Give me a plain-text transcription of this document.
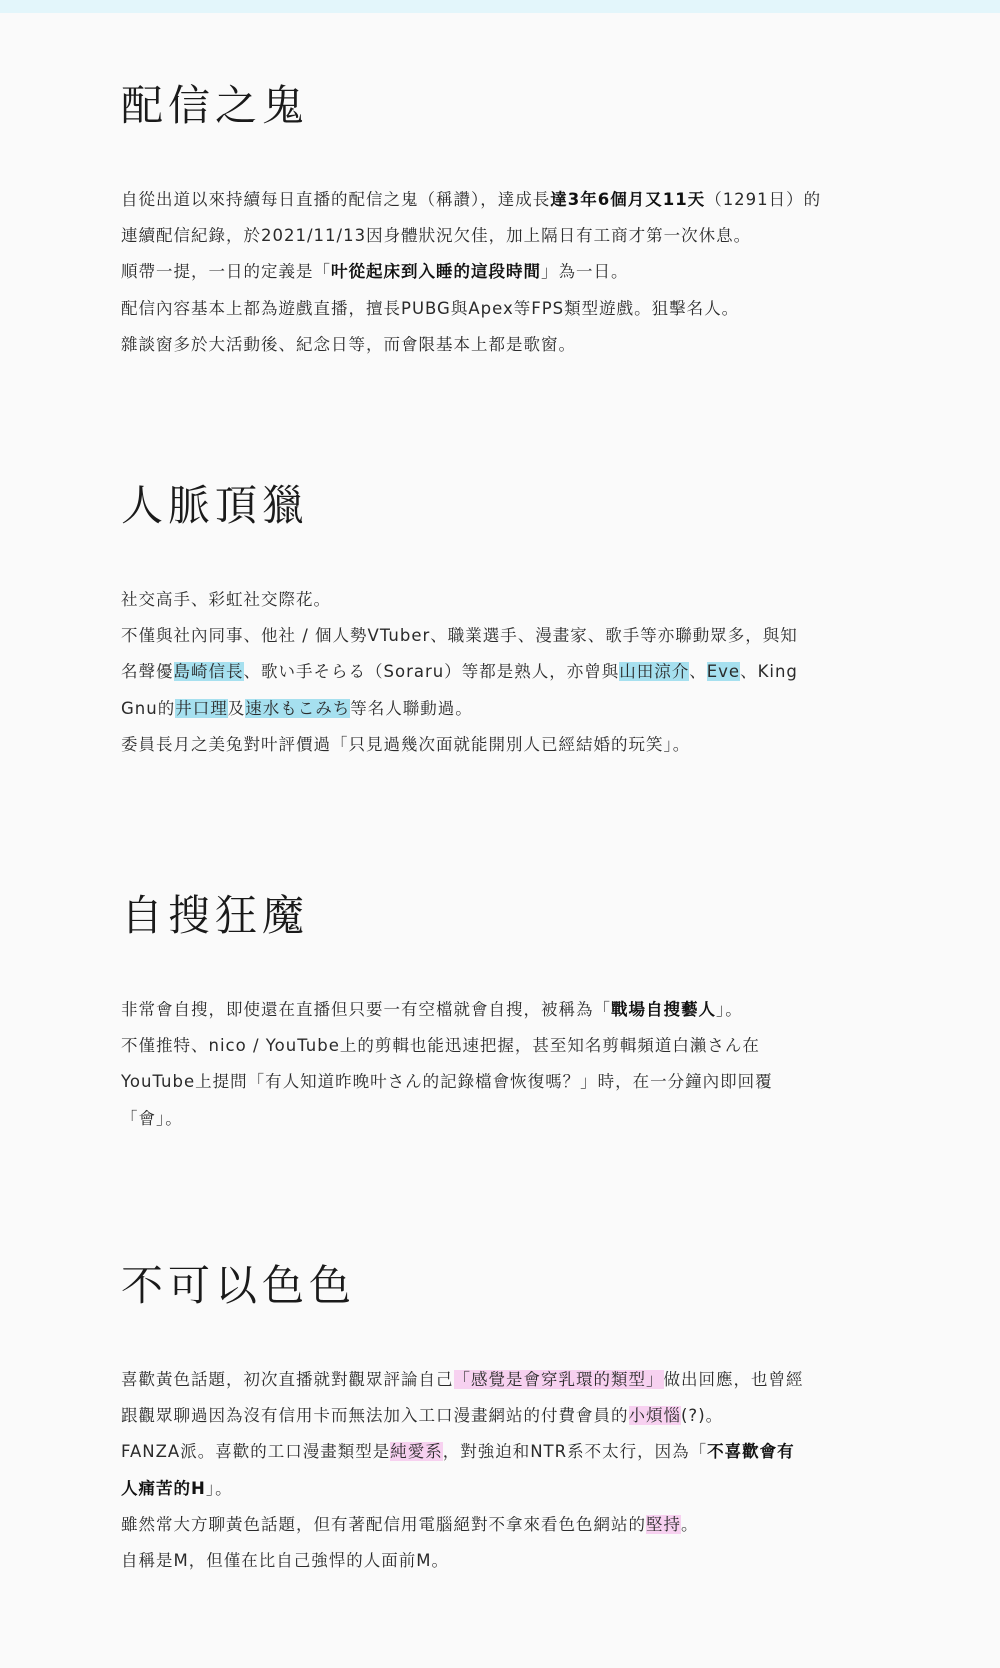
配信之鬼
自從出道以來持續每日直播的配信之鬼（稱讚），達成長達3年6個月又11天（1291日）的
連續配信紀錄，於2021/11/13因身體狀況欠佳，加上隔日有工商才第一次休息。
順帶一提，一日的定義是「叶從起床到入睡的這段時間」為一日。
配信內容基本上都為遊戲直播，擅長PUBG與Apex等FPS類型遊戲。狙擊名人。
雜談窗多於大活動後、紀念日等，而會限基本上都是歌窗。
人脈頂獵
社交高手、彩虹社交際花。
不僅與社內同事、他社 / 個人勢VTuber、職業選手、漫畫家、歌手等亦聯動眾多，與知
名聲優島崎信長、歌い手そらる（Soraru）等都是熟人，亦曾與山田涼介、Eve、King
Gnu的井口理及速水もこみち等名人聯動過。
委員長月之美兔對叶評價過「只見過幾次面就能開別人已經結婚的玩笑」。
自搜狂魔
非常會自搜，即使還在直播但只要一有空檔就會自搜，被稱為「戰場自搜藝人」。
不僅推特、nico / YouTube上的剪輯也能迅速把握，甚至知名剪輯頻道白瀨さん在
YouTube上提問「有人知道昨晚叶さん的記錄檔會恢復嗎？」時，在一分鐘內即回覆
「會」。
不可以色色
喜歡黃色話題，初次直播就對觀眾評論自己「感覺是會穿乳環的類型」做出回應，也曾經
跟觀眾聊過因為沒有信用卡而無法加入工口漫畫網站的付費會員的小煩惱(?)。
FANZA派。喜歡的工口漫畫類型是純愛系，對強迫和NTR系不太行，因為「不喜歡會有
人痛苦的H」。
雖然常大方聊黃色話題，但有著配信用電腦絕對不拿來看色色網站的堅持。
自稱是M，但僅在比自己強悍的人面前M。
